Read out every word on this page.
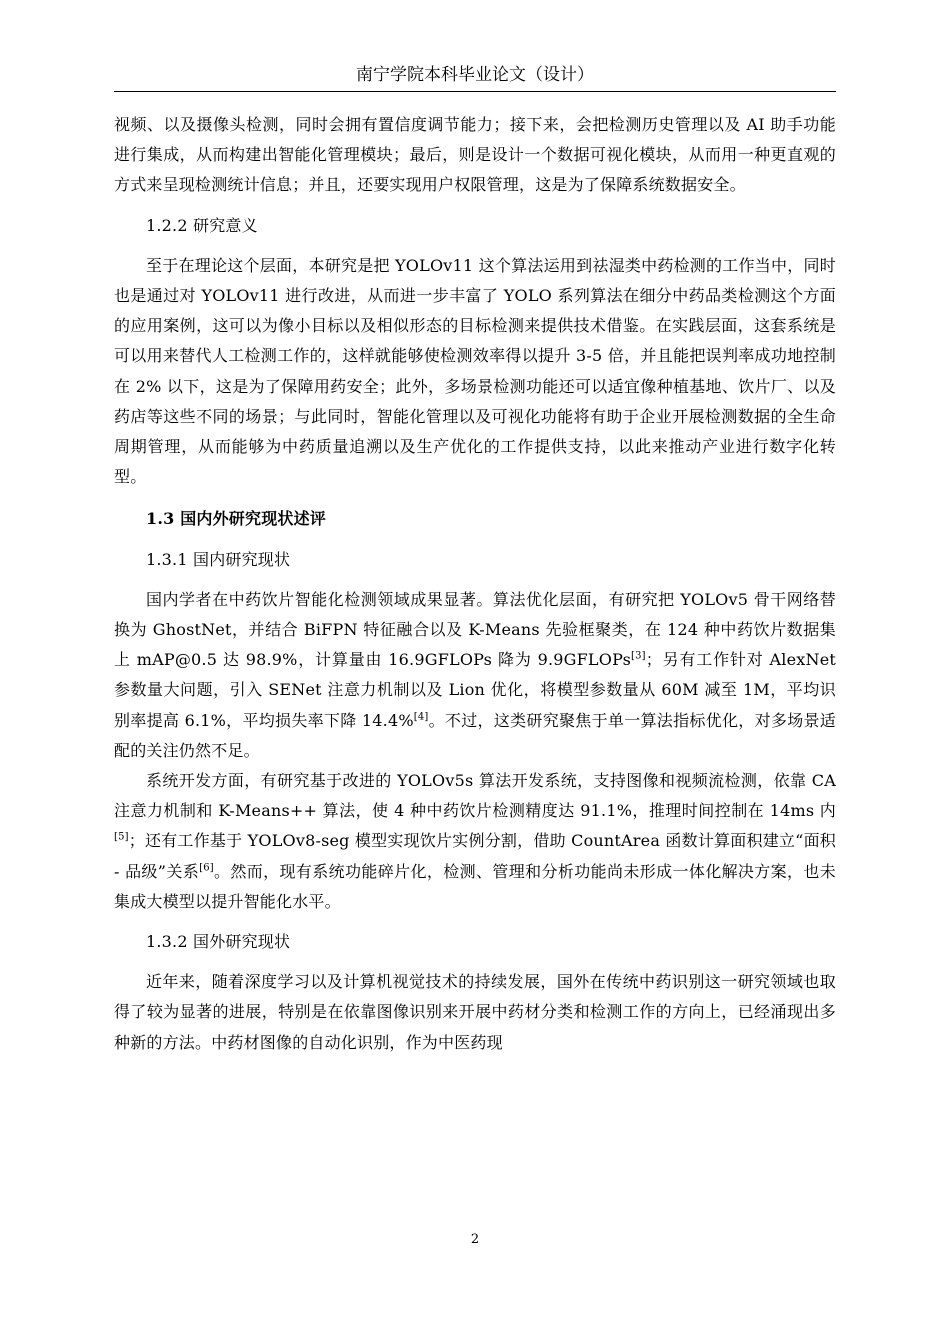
南宁学院本科毕业论文（设计）

视频、以及摄像头检测，同时会拥有置信度调节能力；接下来，会把检测历史管理以及 AI 助手功能进行集成，从而构建出智能化管理模块；最后，则是设计一个数据可视化模块，从而用一种更直观的方式来呈现检测统计信息；并且，还要实现用户权限管理，这是为了保障系统数据安全。

1.2.2 研究意义

至于在理论这个层面，本研究是把 YOLOv11 这个算法运用到祛湿类中药检测的工作当中，同时也是通过对 YOLOv11 进行改进，从而进一步丰富了 YOLO 系列算法在细分中药品类检测这个方面的应用案例，这可以为像小目标以及相似形态的目标检测来提供技术借鉴。在实践层面，这套系统是可以用来替代人工检测工作的，这样就能够使检测效率得以提升 3-5 倍，并且能把误判率成功地控制在 2% 以下，这是为了保障用药安全；此外，多场景检测功能还可以适宜像种植基地、饮片厂、以及药店等这些不同的场景；与此同时，智能化管理以及可视化功能将有助于企业开展检测数据的全生命周期管理，从而能够为中药质量追溯以及生产优化的工作提供支持，以此来推动产业进行数字化转型。

1.3 国内外研究现状述评

1.3.1 国内研究现状

国内学者在中药饮片智能化检测领域成果显著。算法优化层面，有研究把 YOLOv5 骨干网络替换为 GhostNet，并结合 BiFPN 特征融合以及 K-Means 先验框聚类，在 124 种中药饮片数据集上 mAP@0.5 达 98.9%，计算量由 16.9GFLOPs 降为 9.9GFLOPs[3]；另有工作针对 AlexNet 参数量大问题，引入 SENet 注意力机制以及 Lion 优化，将模型参数量从 60M 减至 1M，平均识别率提高 6.1%，平均损失率下降 14.4%[4]。不过，这类研究聚焦于单一算法指标优化，对多场景适配的关注仍然不足。

系统开发方面，有研究基于改进的 YOLOv5s 算法开发系统，支持图像和视频流检测，依靠 CA 注意力机制和 K-Means++ 算法，使 4 种中药饮片检测精度达 91.1%，推理时间控制在 14ms 内[5]；还有工作基于 YOLOv8-seg 模型实现饮片实例分割，借助 CountArea 函数计算面积建立“面积 - 品级”关系[6]。然而，现有系统功能碎片化，检测、管理和分析功能尚未形成一体化解决方案，也未集成大模型以提升智能化水平。

1.3.2 国外研究现状

近年来，随着深度学习以及计算机视觉技术的持续发展，国外在传统中药识别这一研究领域也取得了较为显著的进展，特别是在依靠图像识别来开展中药材分类和检测工作的方向上，已经涌现出多种新的方法。中药材图像的自动化识别，作为中医药现

2
